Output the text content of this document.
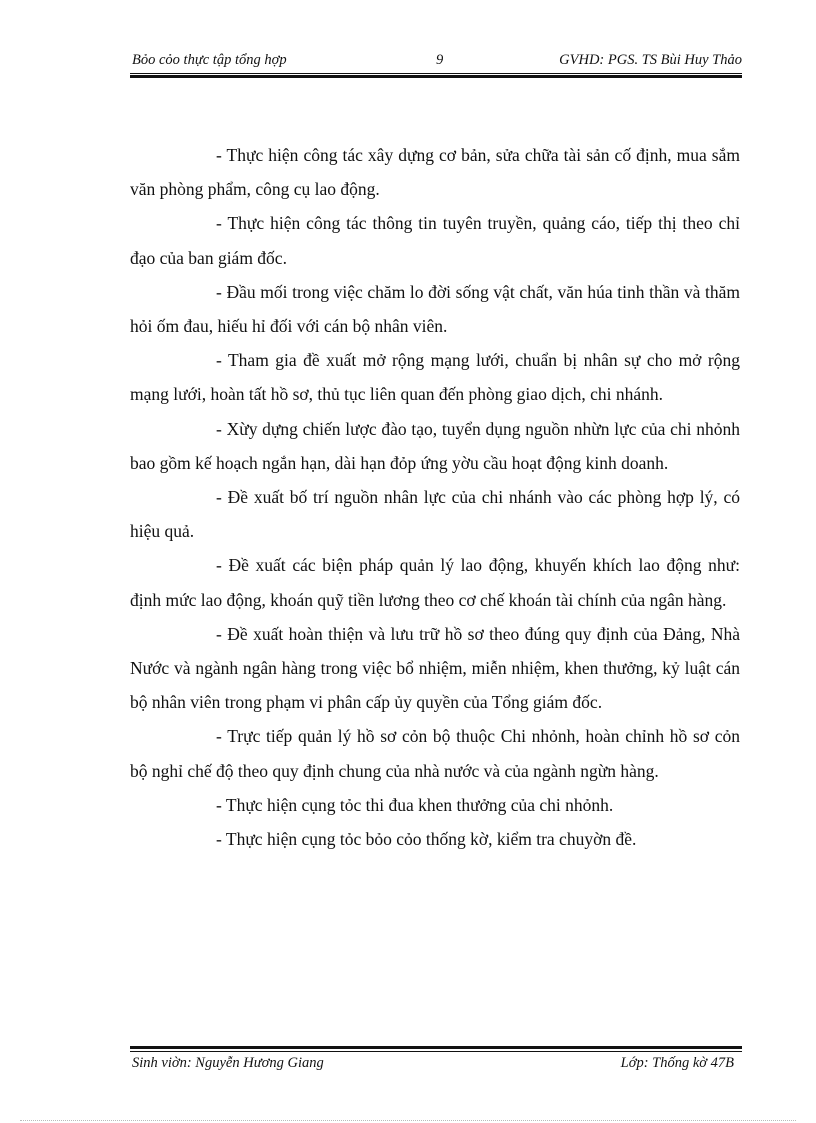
Bỏo cỏo thực tập tổng hợp	9	GVHD: PGS. TS Bùi Huy Thảo

- Thực hiện công tác xây dựng cơ bản, sửa chữa tài sản cố định, mua sắm văn phòng phẩm, công cụ lao động.

- Thực hiện công tác thông tin tuyên truyền, quảng cáo, tiếp thị theo chỉ đạo của ban giám đốc.

- Đầu mối trong việc chăm lo đời sống vật chất, văn húa tinh thần và thăm hỏi ốm đau, hiếu hỉ đối với cán bộ nhân viên.

- Tham gia đề xuất mở rộng mạng lưới, chuẩn bị nhân sự cho mở rộng mạng lưới, hoàn tất hồ sơ, thủ tục liên quan đến phòng giao dịch, chi nhánh.

- Xừy dựng chiến lược đào tạo, tuyển dụng nguồn nhừn lực của chi nhỏnh bao gồm kế hoạch ngắn hạn, dài hạn đỏp ứng yờu cầu hoạt động kinh doanh.

- Đề xuất bố trí nguồn nhân lực của chi nhánh vào các phòng hợp lý, có hiệu quả.

- Đề xuất các biện pháp quản lý lao động, khuyến khích lao động như: định mức lao động, khoán quỹ tiền lương theo cơ chế khoán tài chính của ngân hàng.

- Đề xuất hoàn thiện và lưu trữ hồ sơ theo đúng quy định của Đảng, Nhà Nước và ngành ngân hàng trong việc bổ nhiệm, miễn nhiệm, khen thưởng, kỷ luật cán bộ nhân viên trong phạm vi phân cấp ủy quyền của Tổng giám đốc.

- Trực tiếp quản lý hồ sơ cỏn bộ thuộc Chi nhỏnh, hoàn chỉnh hồ sơ cỏn bộ nghỉ chế độ theo quy định chung của nhà nước và của ngành ngừn hàng.

- Thực hiện cụng tỏc thi đua khen thưởng của chi nhỏnh.

- Thực hiện cụng tỏc bỏo cỏo thống kờ, kiểm tra chuyờn đề.

Sinh viờn: Nguyễn Hương Giang	Lớp: Thống kờ 47B
